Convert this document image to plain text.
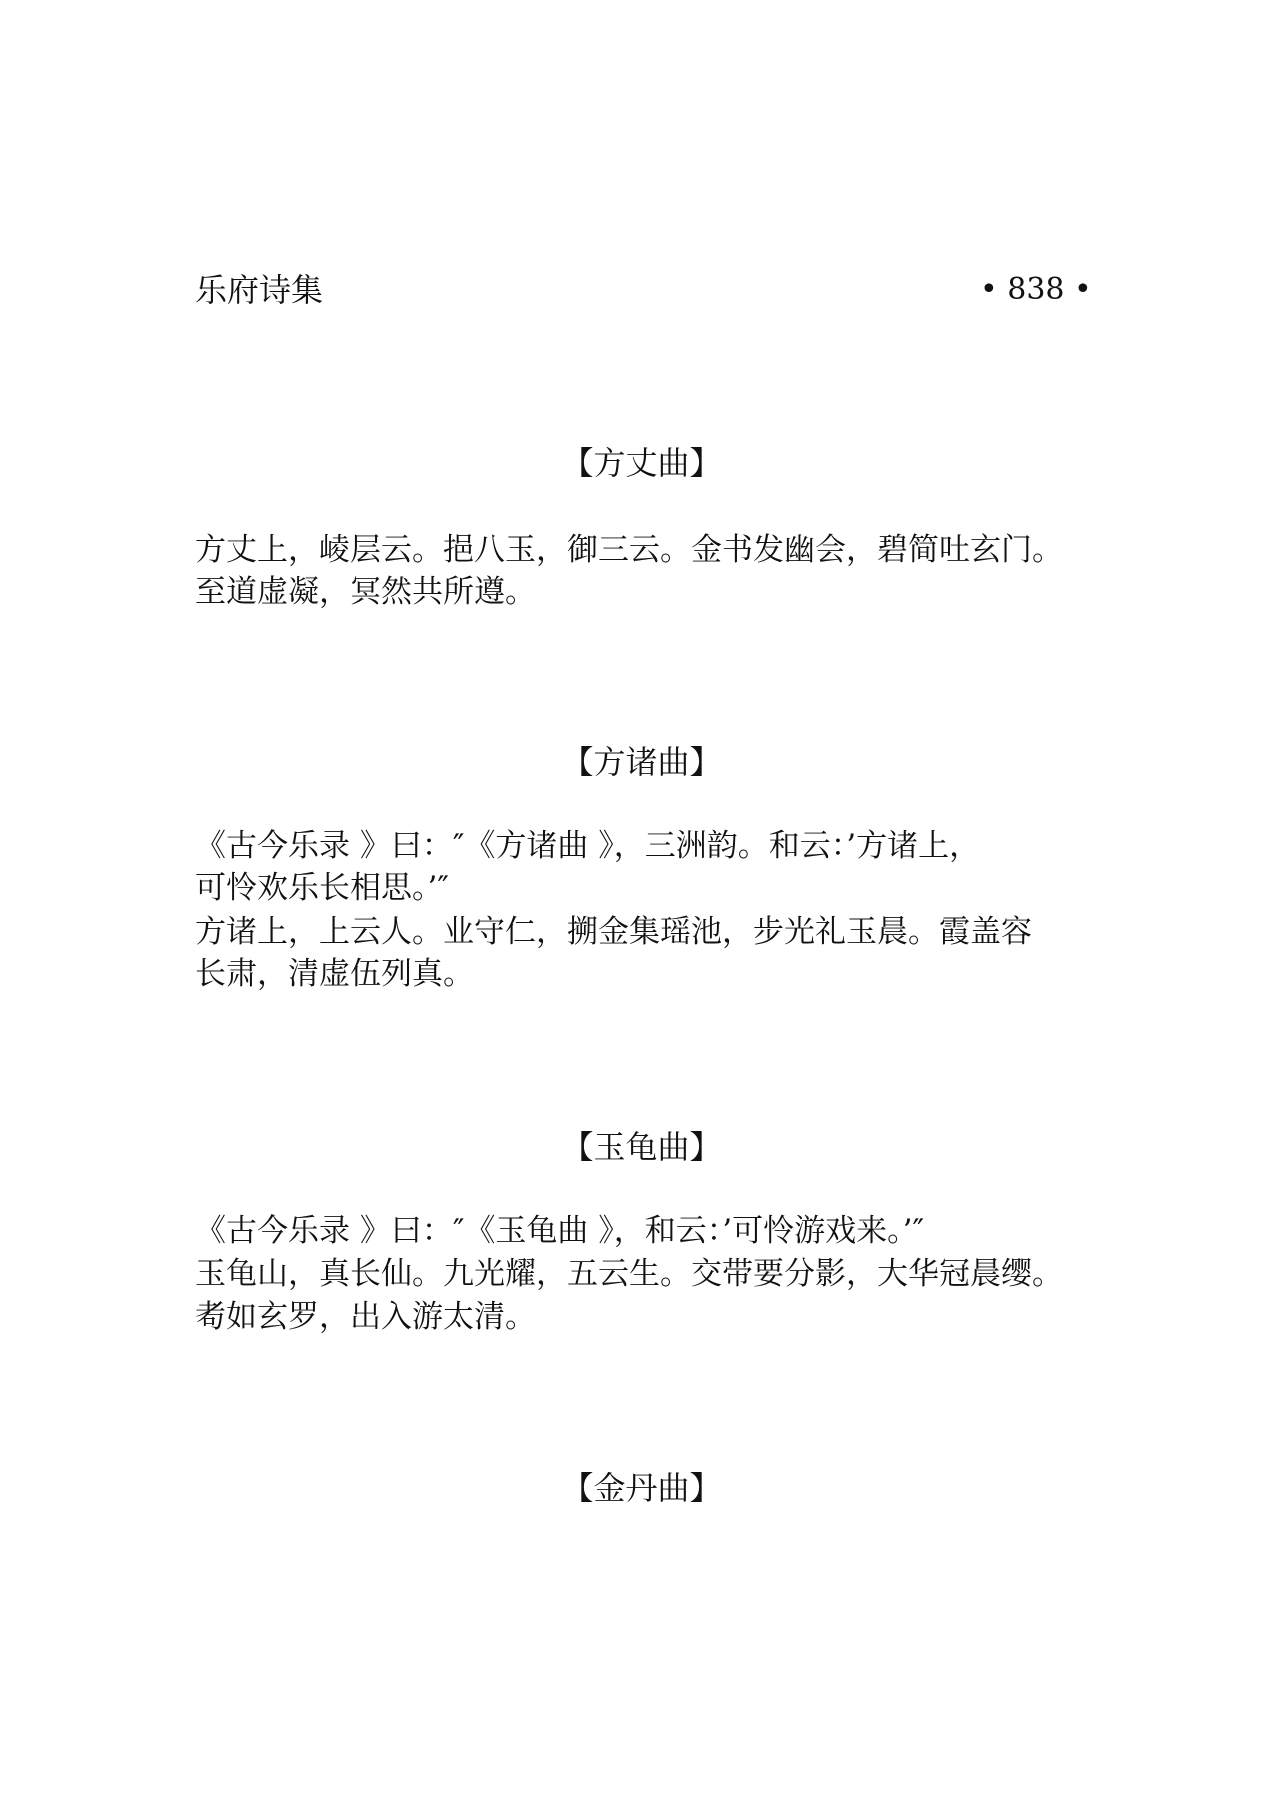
乐府诗集	• 838 •
【方丈曲】
方丈上，崚层云。挹八玉，御三云。金书发幽会，碧简吐玄门。
至道虚凝，冥然共所遵。
【方诸曲】
《古今乐录 》曰：″《方诸曲 》，三洲韵。和云：’方诸上，
可怜欢乐长相思。’″
方诸上，上云人。业守仁，搠金集瑶池，步光礼玉晨。霞盖容
长肃，清虚伍列真。
【玉龟曲】
《古今乐录 》曰：″《玉龟曲 》，和云：’可怜游戏来。’″
玉龟山，真长仙。九光耀，五云生。交带要分影，大华冠晨缨。
耇如玄罗，出入游太清。
【金丹曲】
